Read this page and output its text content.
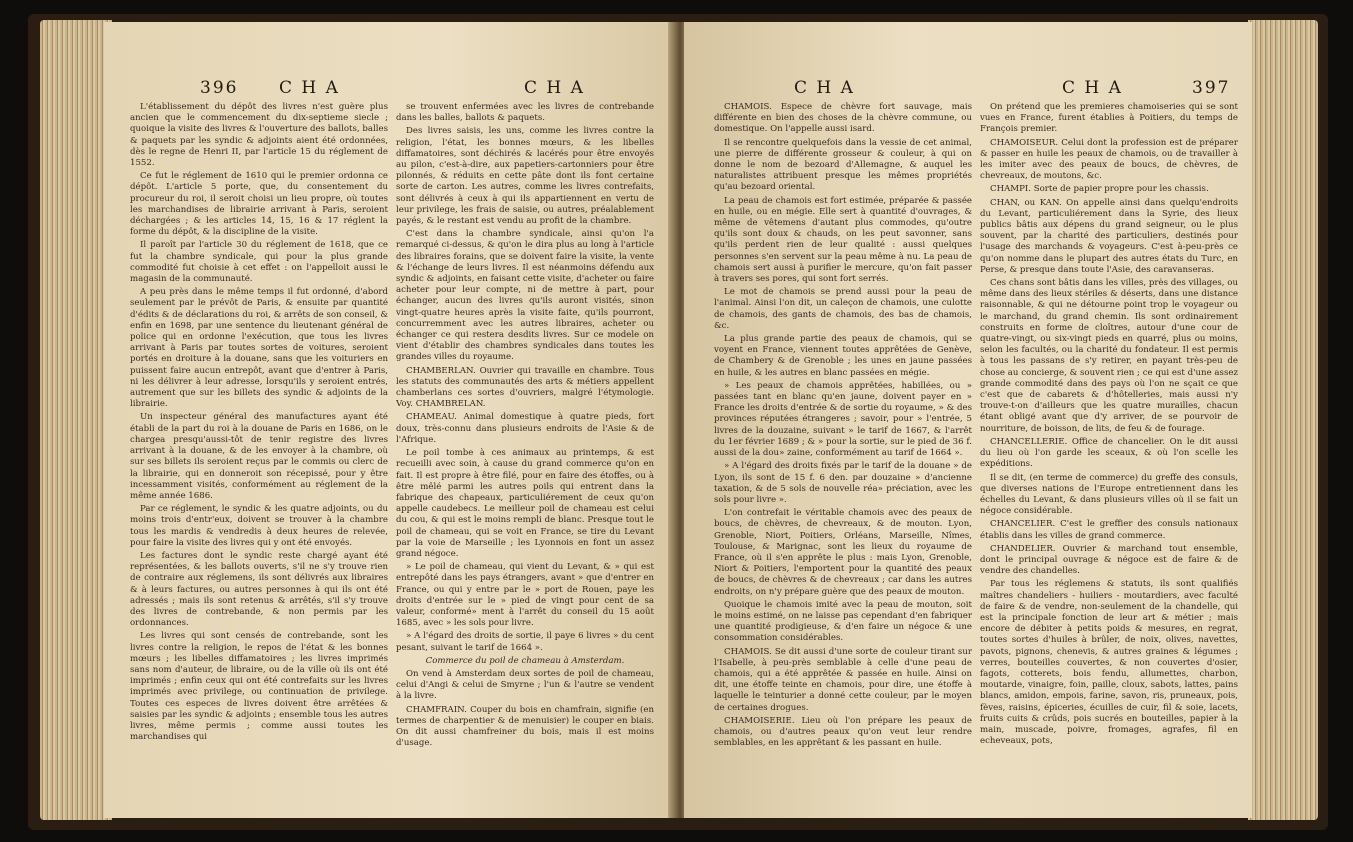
396 C H A	C H A

L'établissement du dépôt des livres n'est guère plus ancien que le commencement du dix-septieme siecle ; quoique la visite des livres & l'ouverture des ballots, balles & paquets par les syndic & adjoints aient été ordonnées, dès le regne de Henri II, par l'article 15 du réglement de 1552.

Ce fut le réglement de 1610 qui le premier ordonna ce dépôt. L'article 5 porte, que, du consentement du procureur du roi, il seroit choisi un lieu propre, où toutes les marchandises de librairie arrivant à Paris, seroient déchargées ; & les articles 14, 15, 16 & 17 réglent la forme du dépôt, & la discipline de la visite.

Il paroît par l'article 30 du réglement de 1618, que ce fut la chambre syndicale, qui pour la plus grande commodité fut choisie à cet effet : on l'appelloit aussi le magasin de la communauté.

A peu près dans le même temps il fut ordonné, d'abord seulement par le prévôt de Paris, & ensuite par quantité d'édits & de déclarations du roi, & arrêts de son conseil, & enfin en 1698, par une sentence du lieutenant général de police qui en ordonne l'exécution, que tous les livres arrivant à Paris par toutes sortes de voitures, seroient portés en droiture à la douane, sans que les voituriers en puissent faire aucun entrepôt, avant que d'entrer à Paris, ni les délivrer à leur adresse, lorsqu'ils y seroient entrés, autrement que sur les billets des syndic & adjoints de la librairie.

Un inspecteur général des manufactures ayant été établi de la part du roi à la douane de Paris en 1686, on le chargea presqu'aussi-tôt de tenir registre des livres arrivant à la douane, & de les envoyer à la chambre, où sur ses billets ils seroient reçus par le commis ou clerc de la librairie, qui en donneroit son récepissé, pour y être incessamment visités, conformément au réglement de la même année 1686.

Par ce réglement, le syndic & les quatre adjoints, ou du moins trois d'entr'eux, doivent se trouver à la chambre tous les mardis & vendredis à deux heures de relevée, pour faire la visite des livres qui y ont été envoyés.

Les factures dont le syndic reste chargé ayant été représentées, & les ballots ouverts, s'il ne s'y trouve rien de contraire aux réglemens, ils sont délivrés aux libraires & à leurs factures, ou autres personnes à qui ils ont été adressés ; mais ils sont retenus & arrêtés, s'il s'y trouve des livres de contrebande, & non permis par les ordonnances.

Les livres qui sont censés de contrebande, sont les livres contre la religion, le repos de l'état & les bonnes mœurs ; les libelles diffamatoires ; les livres imprimés sans nom d'auteur, de libraire, ou de la ville où ils ont été imprimés ; enfin ceux qui ont été contrefaits sur les livres imprimés avec privilege, ou continuation de privilege. Toutes ces especes de livres doivent être arrêtées & saisies par les syndic & adjoints ; ensemble tous les autres livres, même permis ; comme aussi toutes les marchandises qui

se trouvent enfermées avec les livres de contrebande dans les balles, ballots & paquets.

Des livres saisis, les uns, comme les livres contre la religion, l'état, les bonnes mœurs, & les libelles diffamatoires, sont déchirés & lacérés pour être envoyés au pilon, c'est-à-dire, aux papetiers-cartonniers pour être pilonnés, & réduits en cette pâte dont ils font certaine sorte de carton. Les autres, comme les livres contrefaits, sont délivrés à ceux à qui ils appartiennent en vertu de leur privilege, les frais de saisie, ou autres, préalablement payés, & le restant est vendu au profit de la chambre.

C'est dans la chambre syndicale, ainsi qu'on l'a remarqué ci-dessus, & qu'on le dira plus au long à l'article des libraires forains, que se doivent faire la visite, la vente & l'échange de leurs livres. Il est néanmoins défendu aux syndic & adjoints, en faisant cette visite, d'acheter ou faire acheter pour leur compte, ni de mettre à part, pour échanger, aucun des livres qu'ils auront visités, sinon vingt-quatre heures après la visite faite, qu'ils pourront, concurremment avec les autres libraires, acheter ou échanger ce qui restera desdits livres. Sur ce modele on vient d'établir des chambres syndicales dans toutes les grandes villes du royaume.

CHAMBERLAN. Ouvrier qui travaille en chambre. Tous les statuts des communautés des arts & métiers appellent chamberlans ces sortes d'ouvriers, malgré l'étymologie. Voy. CHAMBRELAN.

CHAMEAU. Animal domestique à quatre pieds, fort doux, très-connu dans plusieurs endroits de l'Asie & de l'Afrique.

Le poil tombe à ces animaux au printemps, & est recueilli avec soin, à cause du grand commerce qu'on en fait. Il est propre à être filé, pour en faire des étoffes, ou à être mêlé parmi les autres poils qui entrent dans la fabrique des chapeaux, particuliérement de ceux qu'on appelle caudebecs. Le meilleur poil de chameau est celui du cou, & qui est le moins rempli de blanc. Presque tout le poil de chameau, qui se voit en France, se tire du Levant par la voie de Marseille ; les Lyonnois en font un assez grand négoce.

» Le poil de chameau, qui vient du Levant, & » qui est entrepôté dans les pays étrangers, avant » que d'entrer en France, ou qui y entre par le » port de Rouen, paye les droits d'entrée sur le » pied de vingt pour cent de sa valeur, conformé» ment à l'arrêt du conseil du 15 août 1685, avec » les sols pour livre.

» A l'égard des droits de sortie, il paye 6 livres » du cent pesant, suivant le tarif de 1664 ».

Commerce du poil de chameau à Amsterdam.

On vend à Amsterdam deux sortes de poil de chameau, celui d'Angi & celui de Smyrne ; l'un & l'autre se vendent à la livre.

CHAMFRAIN. Couper du bois en chamfrain, signifie (en termes de charpentier & de menuisier) le couper en biais. On dit aussi chamfreiner du bois, mais il est moins d'usage.

C H A	C H A	397

CHAMOIS. Espece de chèvre fort sauvage, mais différente en bien des choses de la chèvre commune, ou domestique. On l'appelle aussi isard.

Il se rencontre quelquefois dans la vessie de cet animal, une pierre de différente grosseur & couleur, à qui on donne le nom de bezoard d'Allemagne, & auquel les naturalistes attribuent presque les mêmes propriétés qu'au bezoard oriental.

La peau de chamois est fort estimée, préparée & passée en huile, ou en mégie. Elle sert à quantité d'ouvrages, & même de vêtemens d'autant plus commodes, qu'outre qu'ils sont doux & chauds, on les peut savonner, sans qu'ils perdent rien de leur qualité : aussi quelques personnes s'en servent sur la peau même à nu. La peau de chamois sert aussi à purifier le mercure, qu'on fait passer à travers ses pores, qui sont fort serrés.

Le mot de chamois se prend aussi pour la peau de l'animal. Ainsi l'on dit, un caleçon de chamois, une culotte de chamois, des gants de chamois, des bas de chamois, &c.

La plus grande partie des peaux de chamois, qui se voyent en France, viennent toutes apprêtées de Genève, de Chambery & de Grenoble ; les unes en jaune passées en huile, & les autres en blanc passées en mégie.

» Les peaux de chamois apprêtées, habillées, ou » passées tant en blanc qu'en jaune, doivent payer en » France les droits d'entrée & de sortie du royaume, » & des provinces réputées étrangeres ; savoir, pour » l'entrée, 5 livres de la douzaine, suivant » le tarif de 1667, & l'arrêt du 1er février 1689 ; & » pour la sortie, sur le pied de 36 f. aussi de la dou» zaine, conformément au tarif de 1664 ».

» A l'égard des droits fixés par le tarif de la douane » de Lyon, ils sont de 15 f. 6 den. par douzaine » d'ancienne taxation, & de 5 sols de nouvelle réa» préciation, avec les sols pour livre ».

L'on contrefait le véritable chamois avec des peaux de boucs, de chèvres, de chevreaux, & de mouton. Lyon, Grenoble, Niort, Poitiers, Orléans, Marseille, Nîmes, Toulouse, & Marignac, sont les lieux du royaume de France, où il s'en apprête le plus : mais Lyon, Grenoble, Niort & Poitiers, l'emportent pour la quantité des peaux de boucs, de chèvres & de chevreaux ; car dans les autres endroits, on n'y prépare guère que des peaux de mouton.

Quoique le chamois imité avec la peau de mouton, soit le moins estimé, on ne laisse pas cependant d'en fabriquer une quantité prodigieuse, & d'en faire un négoce & une consommation considérables.

CHAMOIS. Se dit aussi d'une sorte de couleur tirant sur l'Isabelle, à peu-près semblable à celle d'une peau de chamois, qui a été apprêtée & passée en huile. Ainsi on dit, une étoffe teinte en chamois, pour dire, une étoffe à laquelle le teinturier a donné cette couleur, par le moyen de certaines drogues.

CHAMOISERIE. Lieu où l'on prépare les peaux de chamois, ou d'autres peaux qu'on veut leur rendre semblables, en les apprêtant & les passant en huile.

On prétend que les premieres chamoiseries qui se sont vues en France, furent établies à Poitiers, du temps de François premier.

CHAMOISEUR. Celui dont la profession est de préparer & passer en huile les peaux de chamois, ou de travailler à les imiter avec des peaux de boucs, de chèvres, de chevreaux, de moutons, &c.

CHAMPI. Sorte de papier propre pour les chassis.

CHAN, ou KAN. On appelle ainsi dans quelqu'endroits du Levant, particuliérement dans la Syrie, des lieux publics bâtis aux dépens du grand seigneur, ou le plus souvent, par la charité des particuliers, destinés pour l'usage des marchands & voyageurs. C'est à-peu-près ce qu'on nomme dans le plupart des autres états du Turc, en Perse, & presque dans toute l'Asie, des caravanseras.

Ces chans sont bâtis dans les villes, près des villages, ou même dans des lieux stériles & déserts, dans une distance raisonnable, & qui ne détourne point trop le voyageur ou le marchand, du grand chemin. Ils sont ordinairement construits en forme de cloîtres, autour d'une cour de quatre-vingt, ou six-vingt pieds en quarré, plus ou moins, selon les facultés, ou la charité du fondateur. Il est permis à tous les passans de s'y retirer, en payant très-peu de chose au concierge, & souvent rien ; ce qui est d'une assez grande commodité dans des pays où l'on ne sçait ce que c'est que de cabarets & d'hôtelleries, mais aussi n'y trouve-t-on d'ailleurs que les quatre murailles, chacun étant obligé avant que d'y arriver, de se pourvoir de nourriture, de boisson, de lits, de feu & de fourage.

CHANCELLERIE. Office de chancelier. On le dit aussi du lieu où l'on garde les sceaux, & où l'on scelle les expéditions.

Il se dit, (en terme de commerce) du greffe des consuls, que diverses nations de l'Europe entretiennent dans les échelles du Levant, & dans plusieurs villes où il se fait un négoce considérable.

CHANCELIER. C'est le greffier des consuls nationaux établis dans les villes de grand commerce.

CHANDELIER. Ouvrier & marchand tout ensemble, dont le principal ouvrage & négoce est de faire & de vendre des chandelles.

Par tous les réglemens & statuts, ils sont qualifiés maîtres chandeliers - huiliers - moutardiers, avec faculté de faire & de vendre, non-seulement de la chandelle, qui est la principale fonction de leur art & métier ; mais encore de débiter à petits poids & mesures, en regrat, toutes sortes d'huiles à brûler, de noix, olives, navettes, pavots, pignons, chenevis, & autres graines & légumes ; verres, bouteilles couvertes, & non couvertes d'osier, fagots, cotterets, bois fendu, allumettes, charbon, moutarde, vinaigre, foin, paille, cloux, sabots, lattes, pains blancs, amidon, empois, farine, savon, ris, pruneaux, pois, fèves, raisins, épiceries, écuilles de cuir, fil & soie, lacets, fruits cuits & crûds, pois sucrés en bouteilles, papier à la main, muscade, poivre, fromages, agrafes, fil en echeveaux, pots,
